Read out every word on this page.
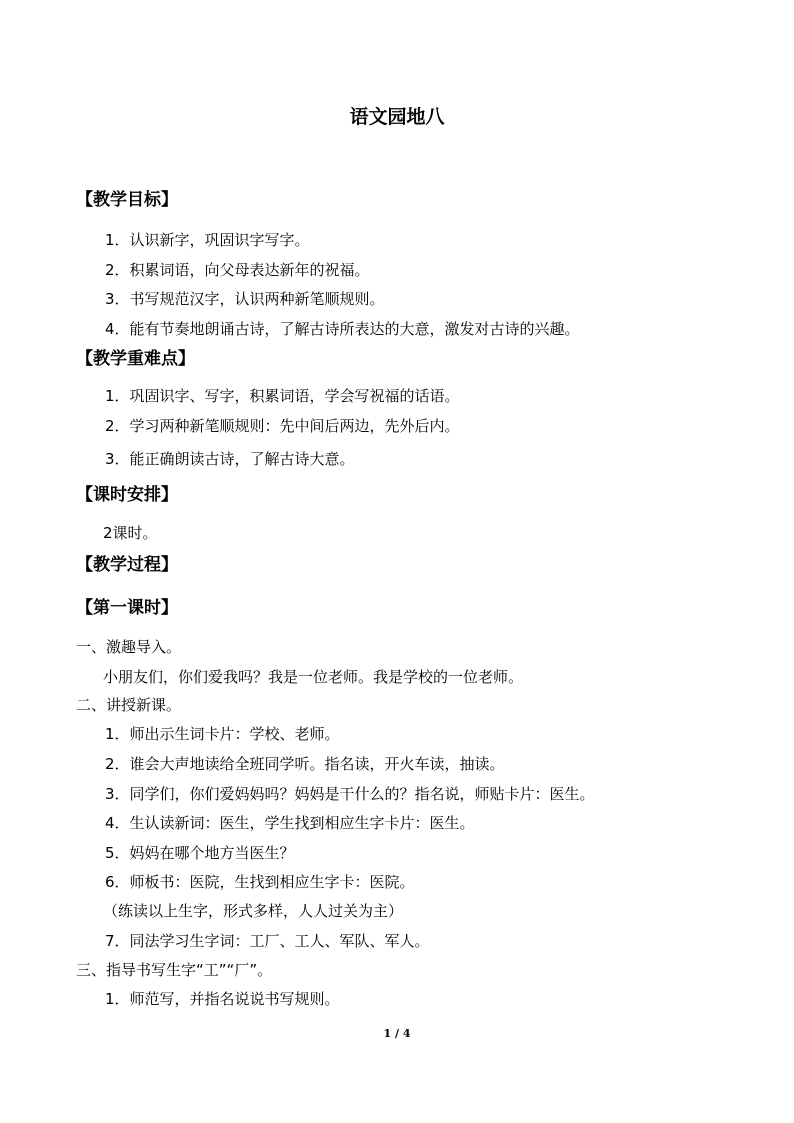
语文园地八
【教学目标】
1．认识新字，巩固识字写字。
2．积累词语，向父母表达新年的祝福。
3．书写规范汉字，认识两种新笔顺规则。
4．能有节奏地朗诵古诗，了解古诗所表达的大意，激发对古诗的兴趣。
【教学重难点】
1．巩固识字、写字，积累词语，学会写祝福的话语。
2．学习两种新笔顺规则：先中间后两边，先外后内。
3．能正确朗读古诗，了解古诗大意。
【课时安排】
2课时。
【教学过程】
【第一课时】
一、激趣导入。
小朋友们，你们爱我吗？我是一位老师。我是学校的一位老师。
二、讲授新课。
1．师出示生词卡片：学校、老师。
2．谁会大声地读给全班同学听。指名读，开火车读，抽读。
3．同学们，你们爱妈妈吗？妈妈是干什么的？指名说，师贴卡片：医生。
4．生认读新词：医生，学生找到相应生字卡片：医生。
5．妈妈在哪个地方当医生？
6．师板书：医院，生找到相应生字卡：医院。
（练读以上生字，形式多样，人人过关为主）
7．同法学习生字词：工厂、工人、军队、军人。
三、指导书写生字“工”“厂”。
1．师范写，并指名说说书写规则。
1 / 4
